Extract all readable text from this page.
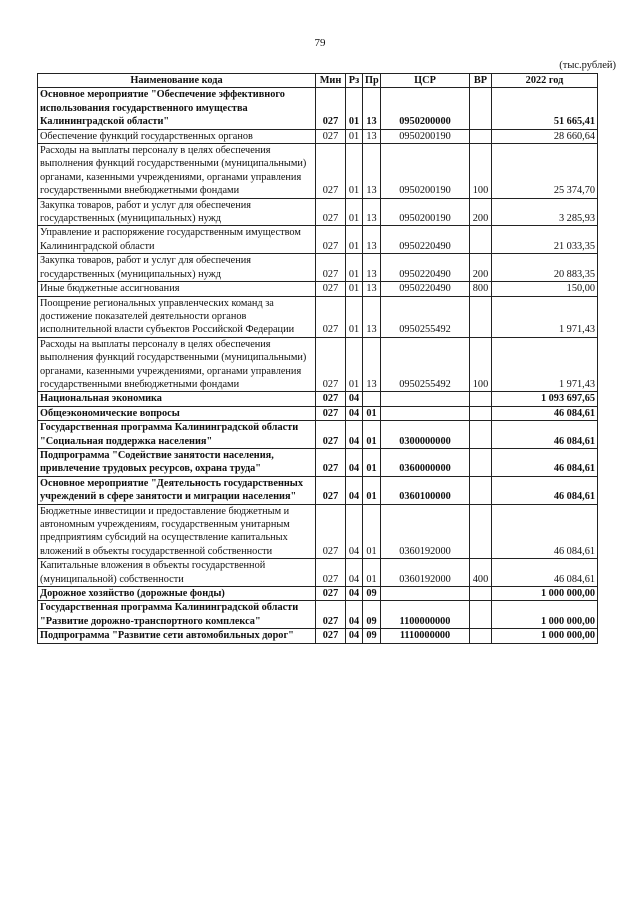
79
(тыс.рублей)
Наименование кода	Мин	Рз	Пр	ЦСР	ВР	2022 год
Основное мероприятие "Обеспечение эффективного использования государственного имущества Калининградской области"	027	01	13	0950200000		51 665,41
Обеспечение функций государственных органов	027	01	13	0950200190		28 660,64
Расходы на выплаты персоналу в целях обеспечения выполнения функций государственными (муниципальными) органами, казенными учреждениями, органами управления государственными внебюджетными фондами	027	01	13	0950200190	100	25 374,70
Закупка товаров, работ и услуг для обеспечения государственных (муниципальных) нужд	027	01	13	0950200190	200	3 285,93
Управление и распоряжение государственным имуществом Калининградской области	027	01	13	0950220490		21 033,35
Закупка товаров, работ и услуг для обеспечения государственных (муниципальных) нужд	027	01	13	0950220490	200	20 883,35
Иные бюджетные ассигнования	027	01	13	0950220490	800	150,00
Поощрение региональных управленческих команд за достижение показателей деятельности органов исполнительной власти субъектов Российской Федерации	027	01	13	0950255492		1 971,43
Расходы на выплаты персоналу в целях обеспечения выполнения функций государственными (муниципальными) органами, казенными учреждениями, органами управления государственными внебюджетными фондами	027	01	13	0950255492	100	1 971,43
Национальная экономика	027	04				1 093 697,65
Общеэкономические вопросы	027	04	01			46 084,61
Государственная программа Калининградской области "Социальная поддержка населения"	027	04	01	0300000000		46 084,61
Подпрограмма "Содействие занятости населения, привлечение трудовых ресурсов, охрана труда"	027	04	01	0360000000		46 084,61
Основное мероприятие "Деятельность государственных учреждений в сфере занятости и миграции населения"	027	04	01	0360100000		46 084,61
Бюджетные инвестиции и предоставление бюджетным и автономным учреждениям, государственным унитарным предприятиям субсидий на осуществление капитальных вложений в объекты государственной собственности	027	04	01	0360192000		46 084,61
Капитальные вложения в объекты государственной (муниципальной) собственности	027	04	01	0360192000	400	46 084,61
Дорожное хозяйство (дорожные фонды)	027	04	09			1 000 000,00
Государственная программа Калининградской области "Развитие дорожно-транспортного комплекса"	027	04	09	1100000000		1 000 000,00
Подпрограмма "Развитие сети автомобильных дорог"	027	04	09	1110000000		1 000 000,00
